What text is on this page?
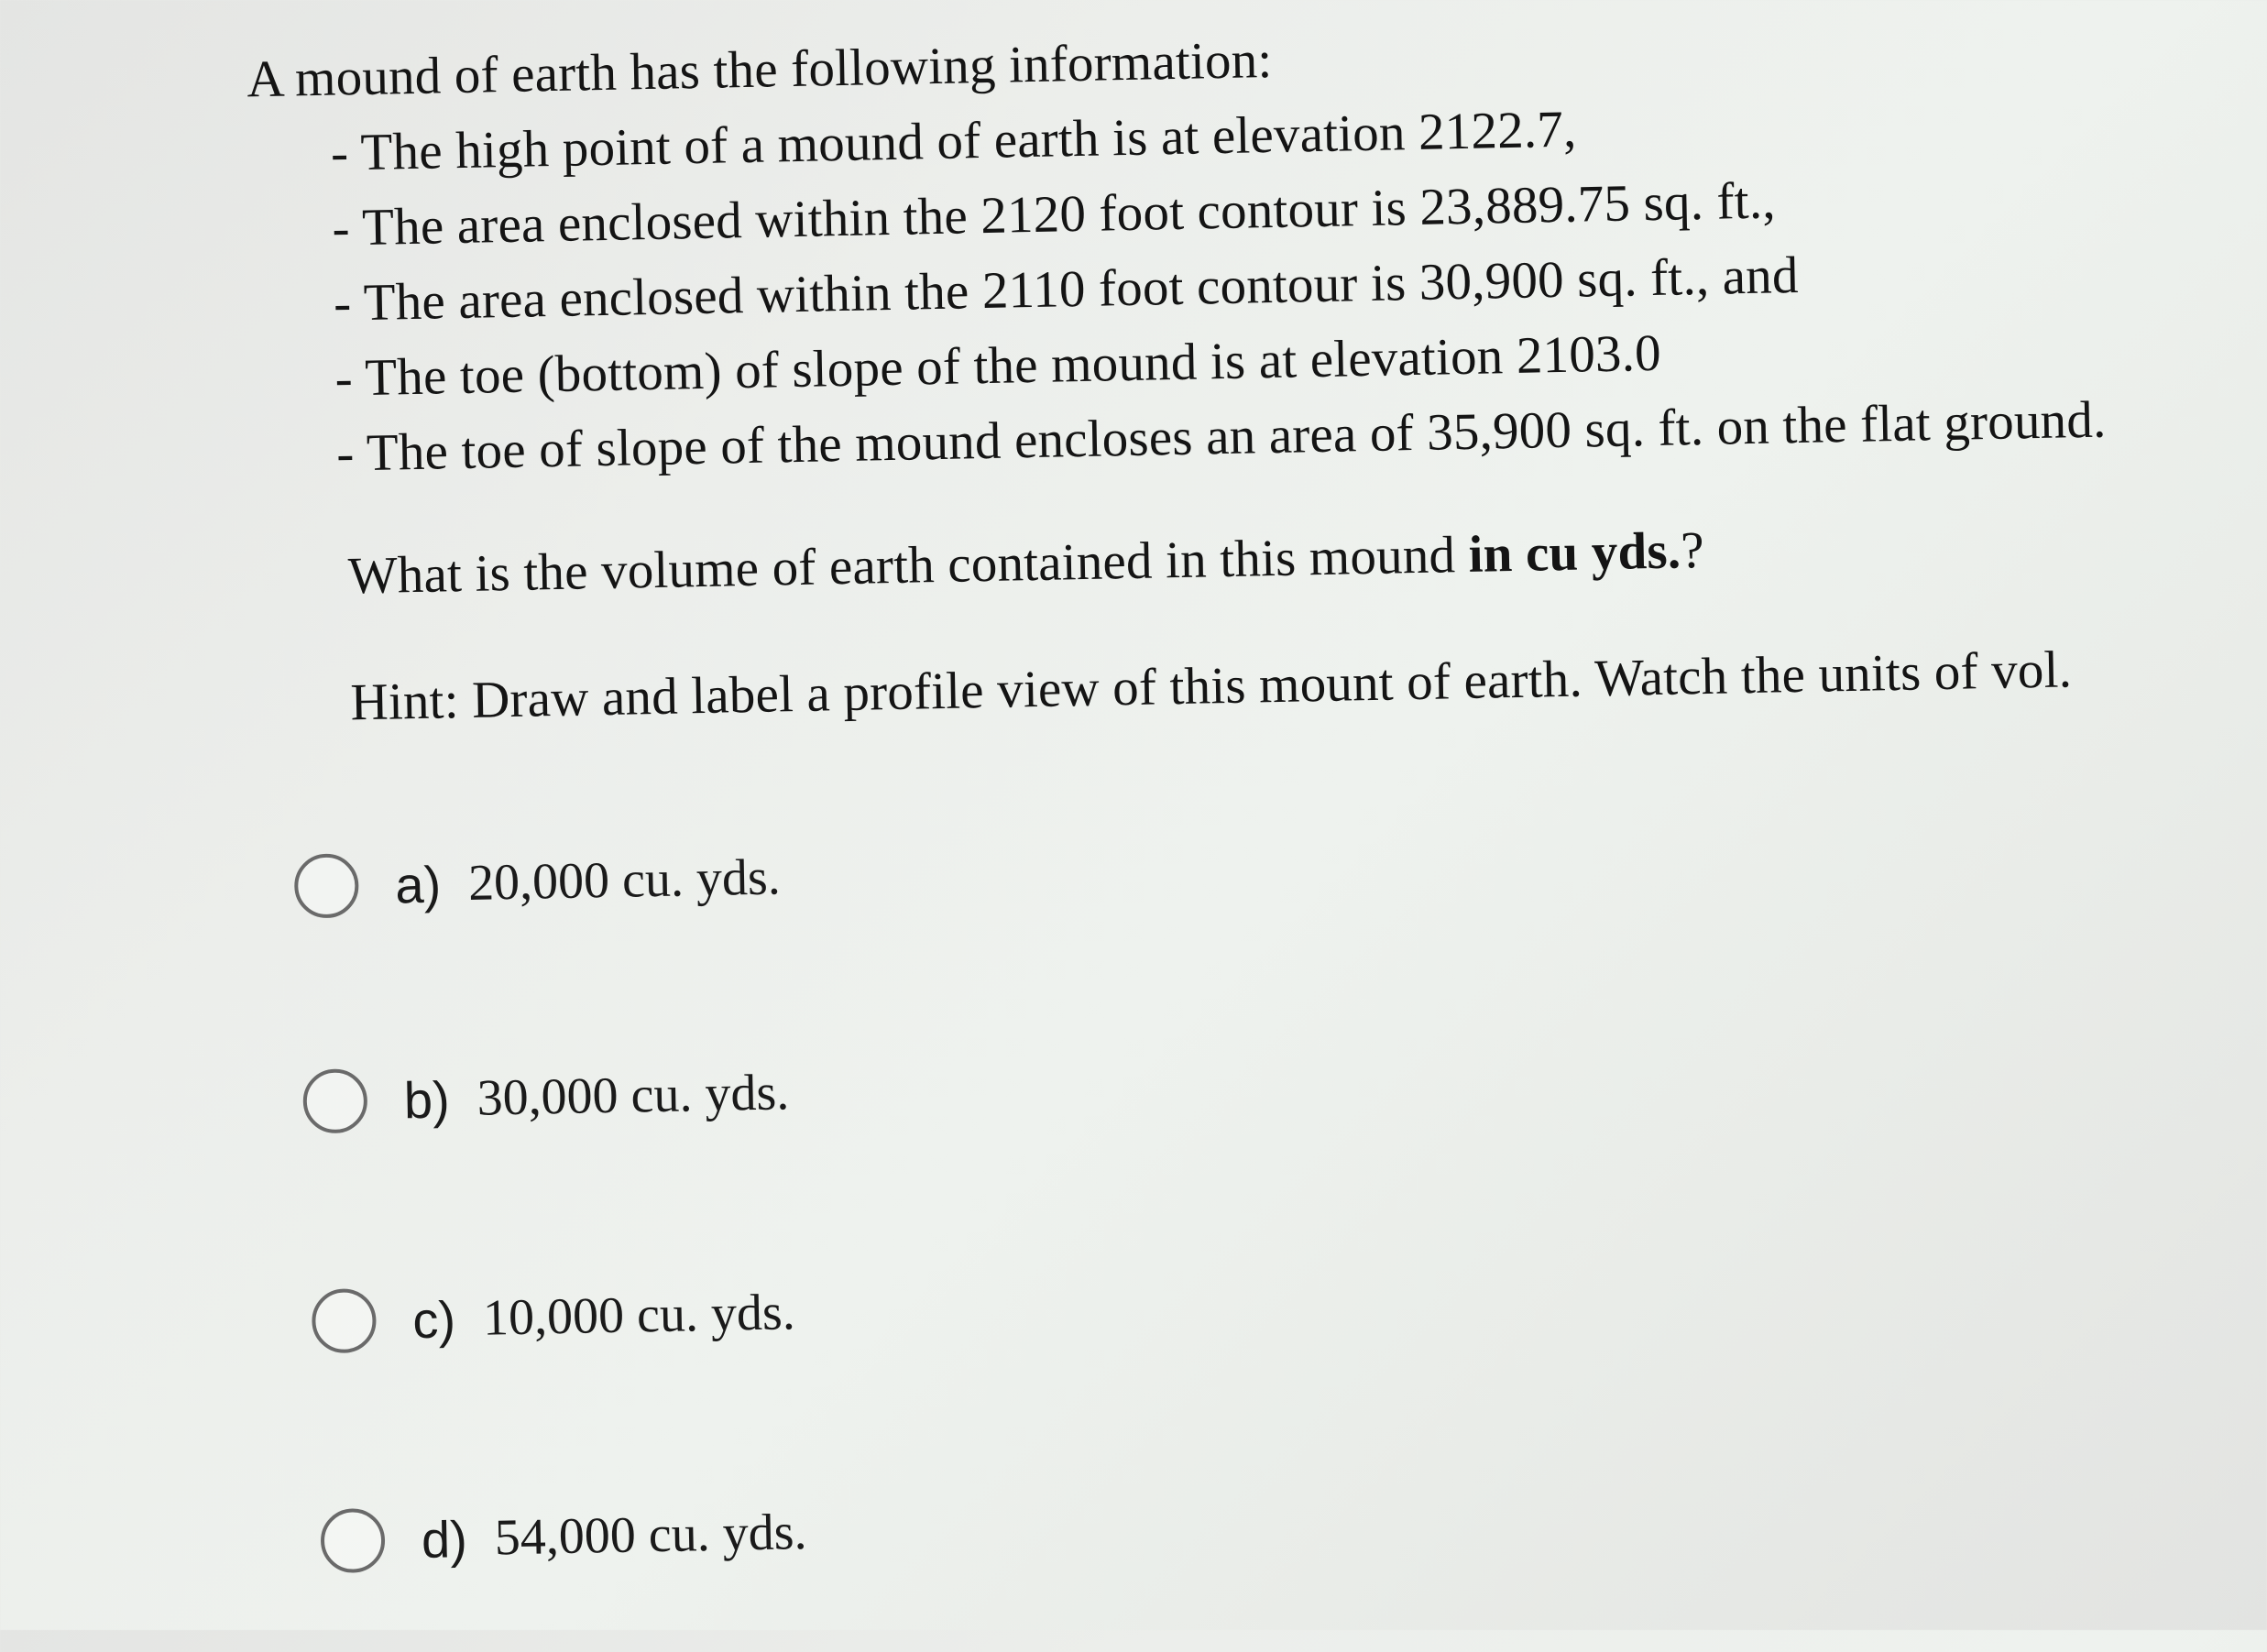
A mound of earth has the following information:
- The high point of a mound of earth is at elevation 2122.7,
- The area enclosed within the 2120 foot contour is 23,889.75 sq. ft.,
- The area enclosed within the 2110 foot contour is 30,900 sq. ft., and
- The toe (bottom) of slope of the mound is at elevation 2103.0
- The toe of slope of the mound encloses an area of 35,900 sq. ft. on the flat ground.
What is the volume of earth contained in this mound in cu yds.?
Hint: Draw and label a profile view of this mount of earth. Watch the units of vol.
a) 20,000 cu. yds.
b) 30,000 cu. yds.
c) 10,000 cu. yds.
d) 54,000 cu. yds.
